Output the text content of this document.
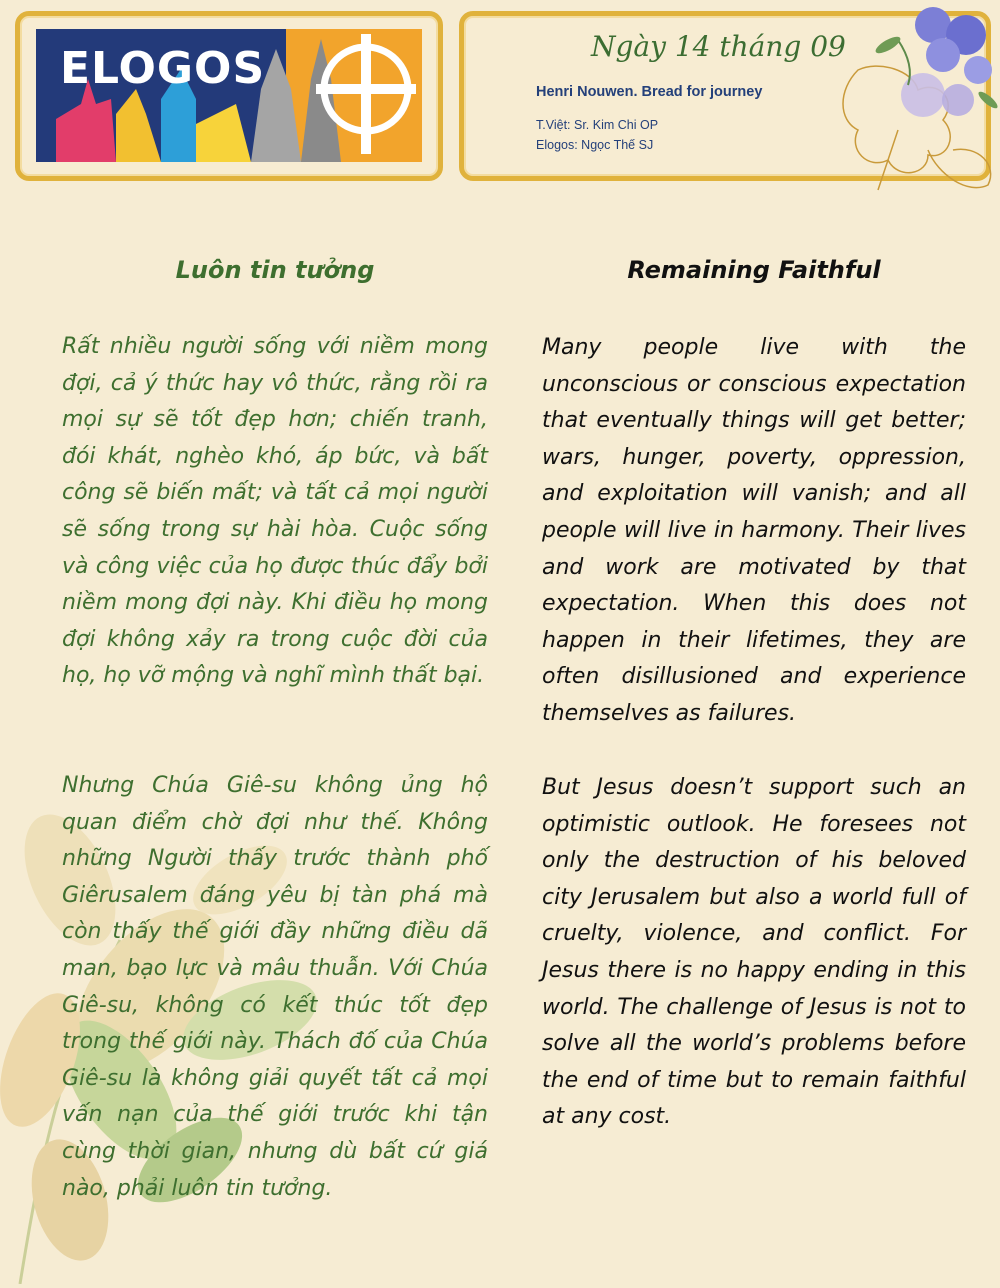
ELOGOS	Ngày 14 tháng 09
Henri Nouwen. Bread for journey
T.Việt: Sr. Kim Chi OP
Elogos: Ngọc Thế SJ
Luôn tin tưởng	Remaining Faithful

Rất nhiều người sống với niềm mong đợi, cả ý thức hay vô thức, rằng rồi ra mọi sự sẽ tốt đẹp hơn; chiến tranh, đói khát, nghèo khó, áp bức, và bất công sẽ biến mất; và tất cả mọi người sẽ sống trong sự hài hòa. Cuộc sống và công việc của họ được thúc đẩy bởi niềm mong đợi này. Khi điều họ mong đợi không xảy ra trong cuộc đời của họ, họ vỡ mộng và nghĩ mình thất bại.

Nhưng Chúa Giê-su không ủng hộ quan điểm chờ đợi như thế. Không những Người thấy trước thành phố Giêrusalem đáng yêu bị tàn phá mà còn thấy thế giới đầy những điều dã man, bạo lực và mâu thuẫn. Với Chúa Giê-su, không có kết thúc tốt đẹp trong thế giới này. Thách đố của Chúa Giê-su là không giải quyết tất cả mọi vấn nạn của thế giới trước khi tận cùng thời gian, nhưng dù bất cứ giá nào, phải luôn tin tưởng.

Many people live with the unconscious or conscious expectation that eventually things will get better; wars, hunger, poverty, oppression, and exploitation will vanish; and all people will live in harmony. Their lives and work are motivated by that expectation. When this does not happen in their lifetimes, they are often disillusioned and experience themselves as failures.

But Jesus doesn’t support such an optimistic outlook. He foresees not only the destruction of his beloved city Jerusalem but also a world full of cruelty, violence, and conflict. For Jesus there is no happy ending in this world. The challenge of Jesus is not to solve all the world’s problems before the end of time but to remain faithful at any cost.
